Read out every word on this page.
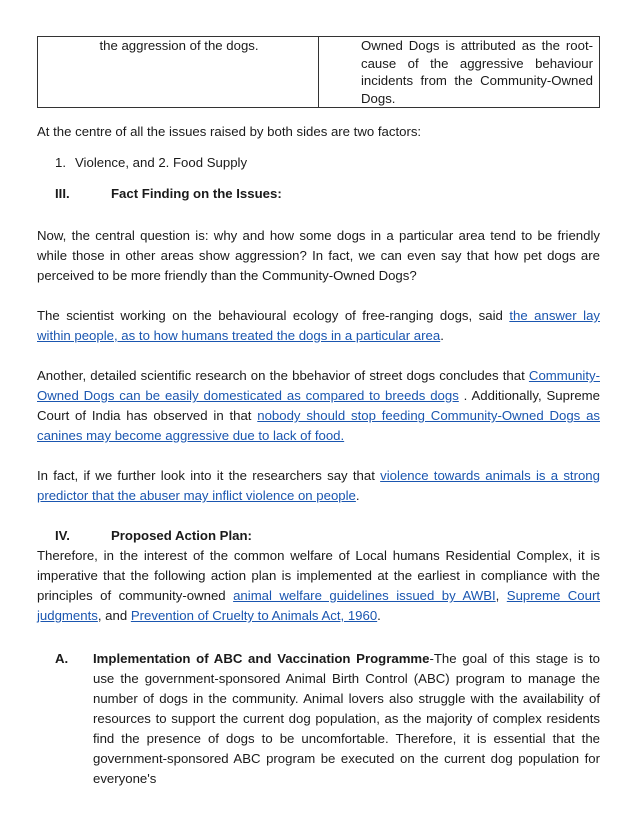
the aggression of the dogs.	Owned Dogs is attributed as the root-cause of the aggressive behaviour incidents from the Community-Owned Dogs.

At the centre of all the issues raised by both sides are two factors:

1. Violence, and 2. Food Supply
III.	Fact Finding on the Issues:

Now, the central question is: why and how some dogs in a particular area tend to be friendly while those in other areas show aggression? In fact, we can even say that how pet dogs are perceived to be more friendly than the Community-Owned Dogs?

The scientist working on the behavioural ecology of free-ranging dogs, said the answer lay within people, as to how humans treated the dogs in a particular area.

Another, detailed scientific research on the bbehavior of street dogs concludes that Community-Owned Dogs can be easily domesticated as compared to breeds dogs . Additionally, Supreme Court of India has observed in that nobody should stop feeding Community-Owned Dogs as canines may become aggressive due to lack of food.

In fact, if we further look into it the researchers say that violence towards animals is a strong predictor that the abuser may inflict violence on people.

IV.	Proposed Action Plan:

Therefore, in the interest of the common welfare of Local humans Residential Complex, it is imperative that the following action plan is implemented at the earliest in compliance with the principles of community-owned animal welfare guidelines issued by AWBI, Supreme Court judgments, and Prevention of Cruelty to Animals Act, 1960.

A.	Implementation of ABC and Vaccination Programme-The goal of this stage is to use the government-sponsored Animal Birth Control (ABC) program to manage the number of dogs in the community. Animal lovers also struggle with the availability of resources to support the current dog population, as the majority of complex residents find the presence of dogs to be uncomfortable. Therefore, it is essential that the government-sponsored ABC program be executed on the current dog population for everyone's
